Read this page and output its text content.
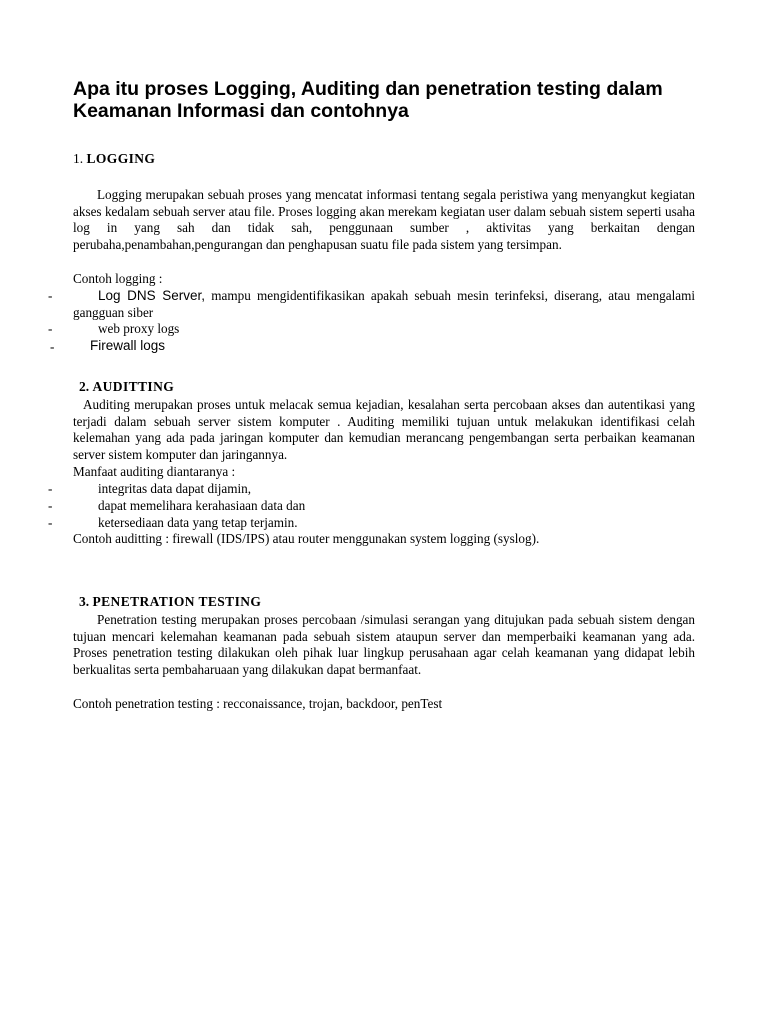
Apa itu proses Logging, Auditing dan penetration testing dalam Keamanan Informasi dan contohnya

1. LOGGING

Logging merupakan sebuah proses yang mencatat informasi tentang segala peristiwa yang menyangkut kegiatan akses kedalam sebuah server atau file. Proses logging akan merekam kegiatan user dalam sebuah sistem seperti usaha log in yang sah dan tidak sah, penggunaan sumber , aktivitas yang berkaitan dengan perubaha,penambahan,pengurangan dan penghapusan suatu file pada sistem yang tersimpan.

Contoh logging :

-	Log DNS Server, mampu mengidentifikasikan apakah sebuah mesin terinfeksi, diserang, atau mengalami gangguan siber

-	web proxy logs

-	Firewall logs

2. AUDITTING

Auditing merupakan proses untuk melacak semua kejadian, kesalahan serta percobaan akses dan autentikasi yang terjadi dalam sebuah server sistem komputer . Auditing memiliki tujuan untuk melakukan identifikasi celah kelemahan yang ada pada jaringan komputer dan kemudian merancang pengembangan serta perbaikan keamanan server sistem komputer dan jaringannya.

Manfaat auditing diantaranya :

-	integritas data dapat dijamin,

-	dapat memelihara kerahasiaan data dan

-	ketersediaan data yang tetap terjamin.

Contoh auditting : firewall (IDS/IPS) atau router menggunakan system logging (syslog).

3. PENETRATION TESTING

Penetration testing merupakan proses percobaan /simulasi serangan yang ditujukan pada sebuah sistem dengan tujuan mencari kelemahan keamanan pada sebuah sistem ataupun server dan memperbaiki keamanan yang ada. Proses penetration testing dilakukan oleh pihak luar lingkup perusahaan agar celah keamanan yang didapat lebih berkualitas serta pembaharuaan yang dilakukan dapat bermanfaat.

Contoh penetration testing : recconaissance, trojan, backdoor, penTest
